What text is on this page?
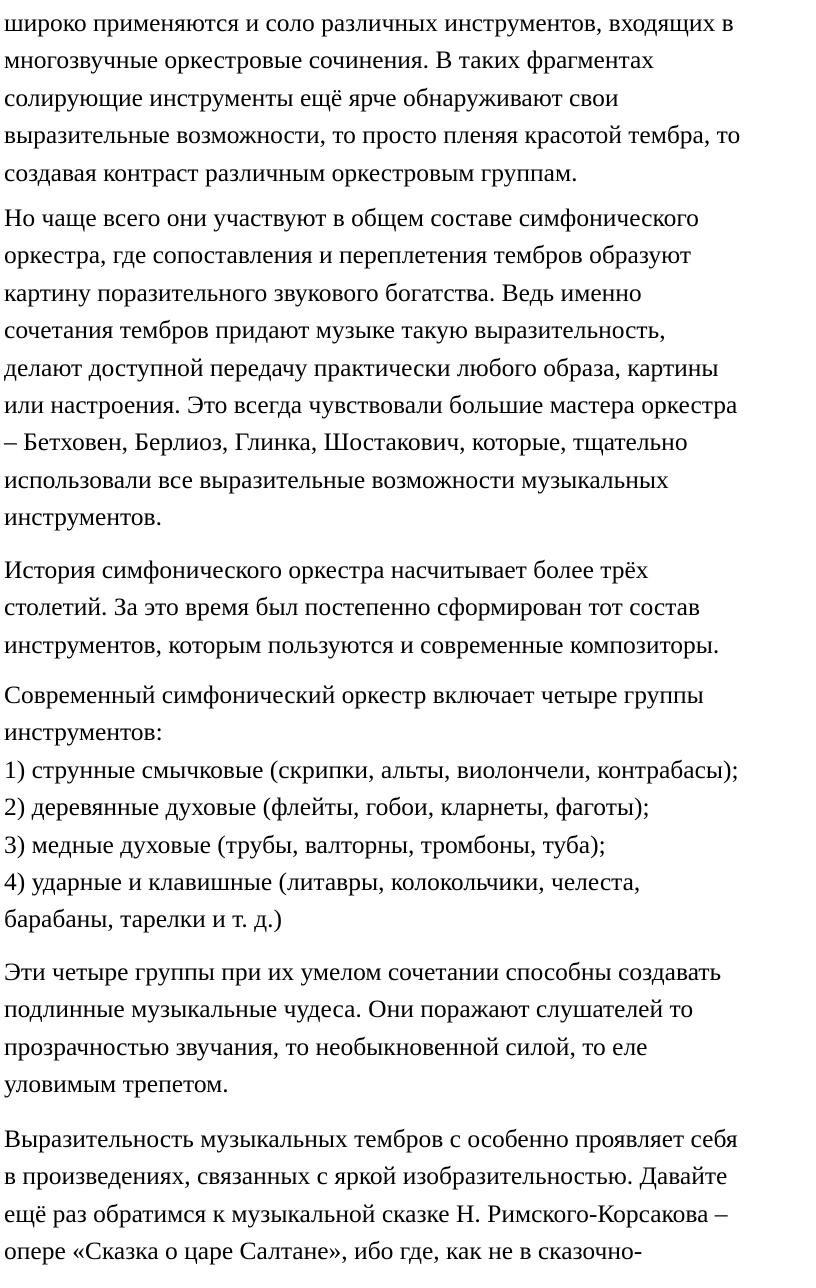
широко применяются и соло различных инструментов, входящих в
многозвучные оркестровые сочинения. В таких фрагментах
солирующие инструменты ещё ярче обнаруживают свои
выразительные возможности, то просто пленяя красотой тембра, то
создавая контраст различным оркестровым группам.
Но чаще всего они участвуют в общем составе симфонического
оркестра, где сопоставления и переплетения тембров образуют
картину поразительного звукового богатства. Ведь именно
сочетания тембров придают музыке такую выразительность,
делают доступной передачу практически любого образа, картины
или настроения. Это всегда чувствовали большие мастера оркестра
– Бетховен, Берлиоз, Глинка, Шостакович, которые, тщательно
использовали все выразительные возможности музыкальных
инструментов.
История симфонического оркестра насчитывает более трёх
столетий. За это время был постепенно сформирован тот состав
инструментов, которым пользуются и современные композиторы.
Современный симфонический оркестр включает четыре группы
инструментов:
1) струнные смычковые (скрипки, альты, виолончели, контрабасы);
2) деревянные духовые (флейты, гобои, кларнеты, фаготы);
3) медные духовые (трубы, валторны, тромбоны, туба);
4) ударные и клавишные (литавры, колокольчики, челеста,
барабаны, тарелки и т. д.)
Эти четыре группы при их умелом сочетании способны создавать
подлинные музыкальные чудеса. Они поражают слушателей то
прозрачностью звучания, то необыкновенной силой, то еле
уловимым трепетом.
Выразительность музыкальных тембров с особенно проявляет себя
в произведениях, связанных с яркой изобразительностью. Давайте
ещё раз обратимся к музыкальной сказке Н. Римского-Корсакова –
опере «Сказка о царе Салтане», ибо где, как не в сказочно-
